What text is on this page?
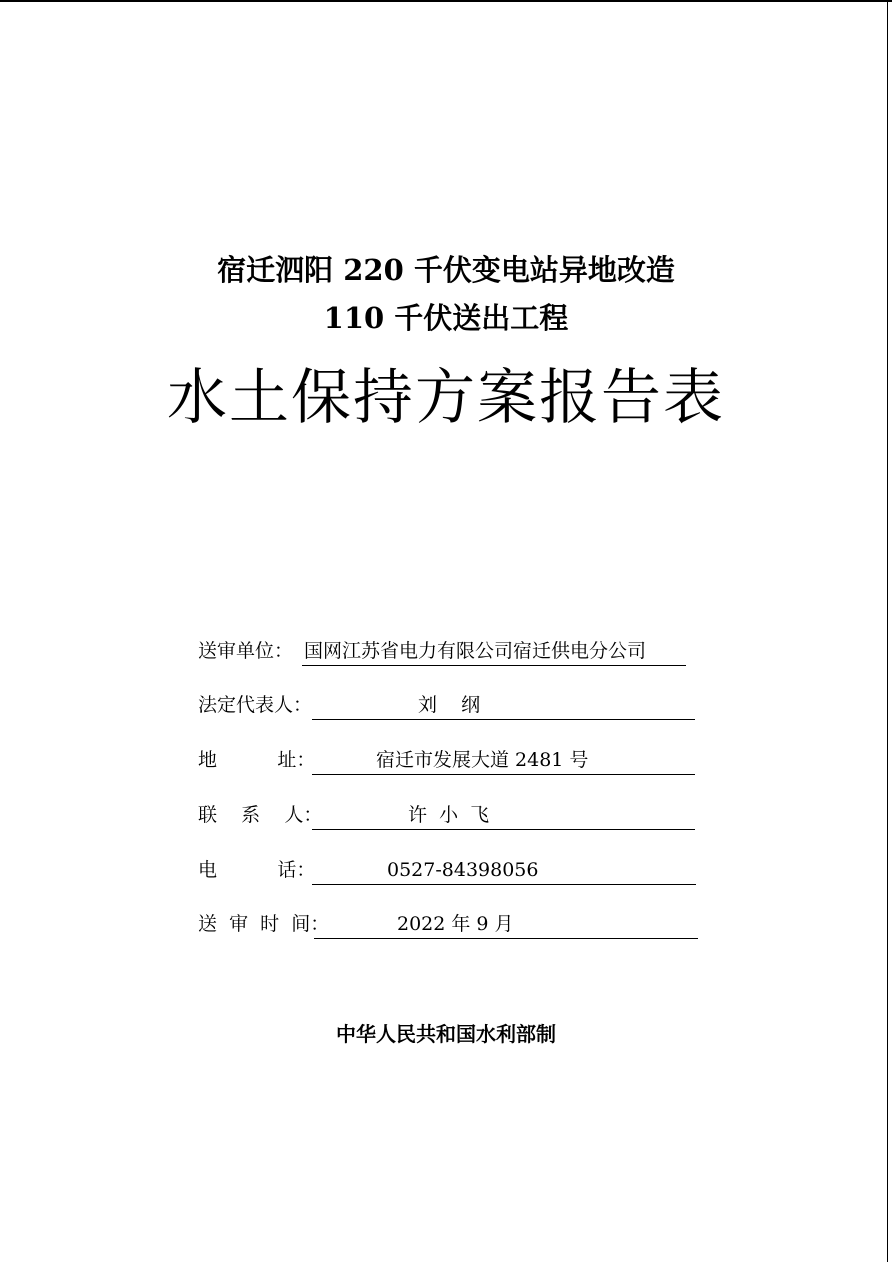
宿迁泗阳 220 千伏变电站异地改造
110 千伏送出工程
水土保持方案报告表
送审单位： 国网江苏省电力有限公司宿迁供电分公司
法定代表人：	刘    纲
地          址：	宿迁市发展大道 2481 号
联    系    人：	许  小  飞
电          话：	0527-84398056
送  审  时  间：	2022 年 9 月
中华人民共和国水利部制
